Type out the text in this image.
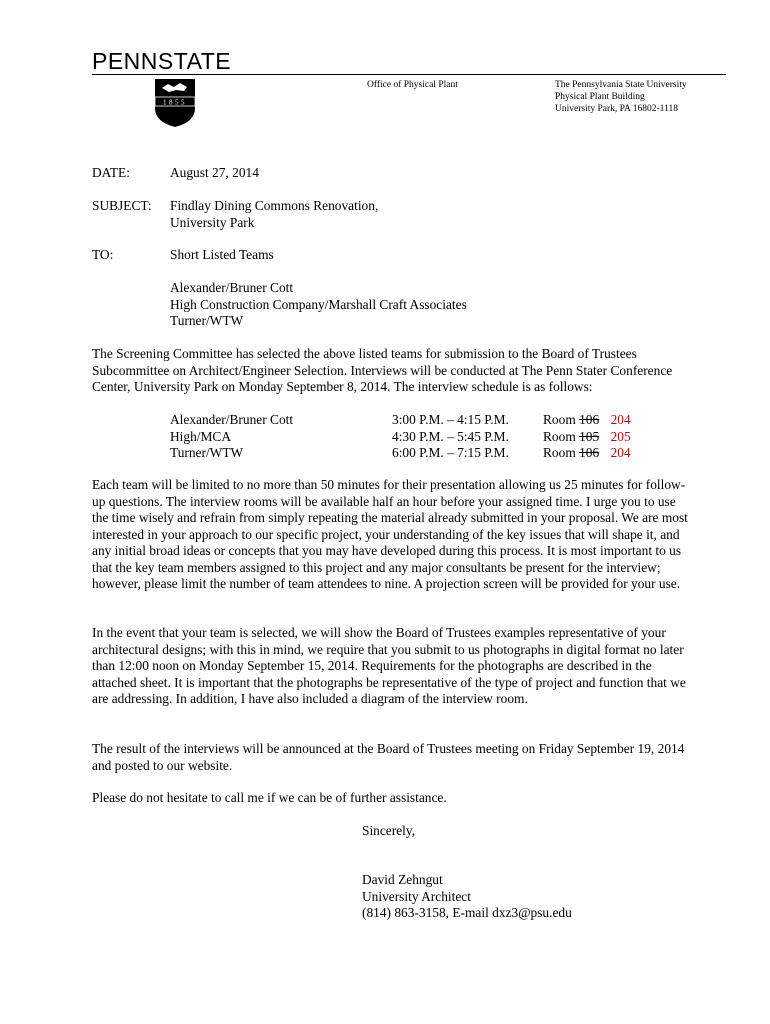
PENNSTATE
1855
Office of Physical Plant	The Pennsylvania State University
Physical Plant Building
University Park, PA 16802-1118
DATE:	August 27, 2014
SUBJECT: Findlay Dining Commons Renovation,
University Park
TO:	Short Listed Teams
Alexander/Bruner Cott
High Construction Company/Marshall Craft Associates
Turner/WTW
The Screening Committee has selected the above listed teams for submission to the Board of Trustees Subcommittee on Architect/Engineer Selection. Interviews will be conducted at The Penn Stater Conference Center, University Park on Monday September 8, 2014. The interview schedule is as follows:
Alexander/Bruner Cott	3:00 P.M. – 4:15 P.M.	Room 106 204
High/MCA	4:30 P.M. – 5:45 P.M.	Room 105 205
Turner/WTW	6:00 P.M. – 7:15 P.M.	Room 106 204
Each team will be limited to no more than 50 minutes for their presentation allowing us 25 minutes for follow-up questions. The interview rooms will be available half an hour before your assigned time. I urge you to use the time wisely and refrain from simply repeating the material already submitted in your proposal. We are most interested in your approach to our specific project, your understanding of the key issues that will shape it, and any initial broad ideas or concepts that you may have developed during this process. It is most important to us that the key team members assigned to this project and any major consultants be present for the interview; however, please limit the number of team attendees to nine. A projection screen will be provided for your use.
In the event that your team is selected, we will show the Board of Trustees examples representative of your architectural designs; with this in mind, we require that you submit to us photographs in digital format no later than 12:00 noon on Monday September 15, 2014. Requirements for the photographs are described in the attached sheet. It is important that the photographs be representative of the type of project and function that we are addressing. In addition, I have also included a diagram of the interview room.
The result of the interviews will be announced at the Board of Trustees meeting on Friday September 19, 2014 and posted to our website.
Please do not hesitate to call me if we can be of further assistance.
Sincerely,
David Zehngut
University Architect
(814) 863-3158, E-mail dxz3@psu.edu
